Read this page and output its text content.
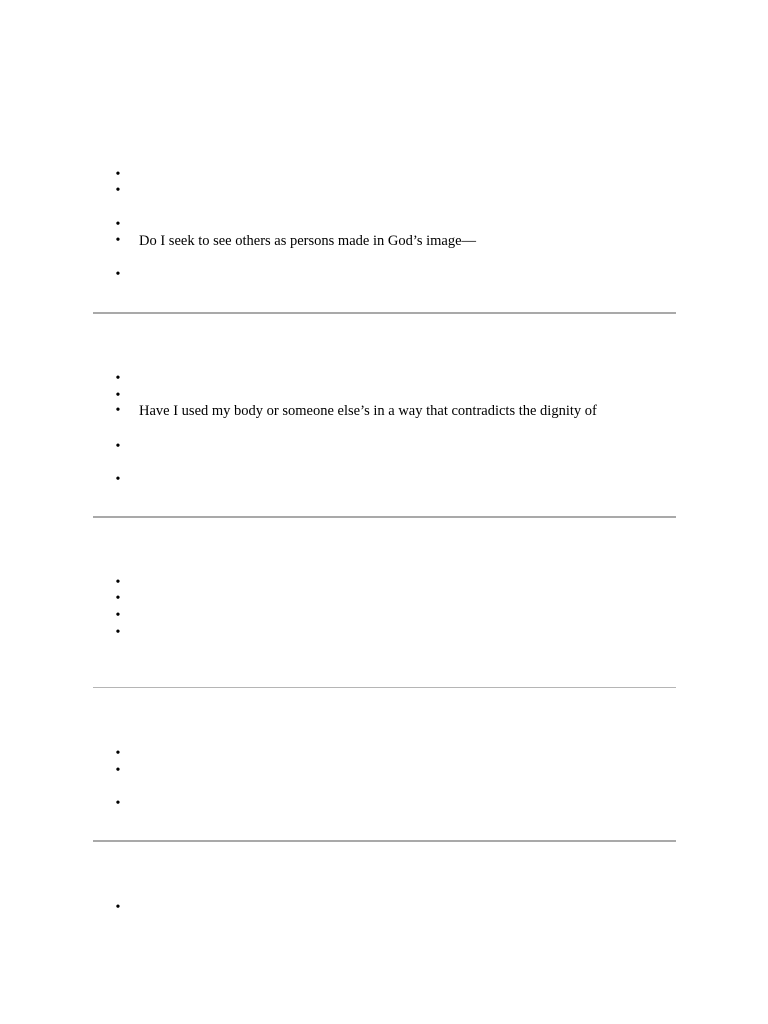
•
•
•
• Do I seek to see others as persons made in God’s image—
•
•
•
• Have I used my body or someone else’s in a way that contradicts the dignity of
•
•
•
•
•
•
•
•
•
•
